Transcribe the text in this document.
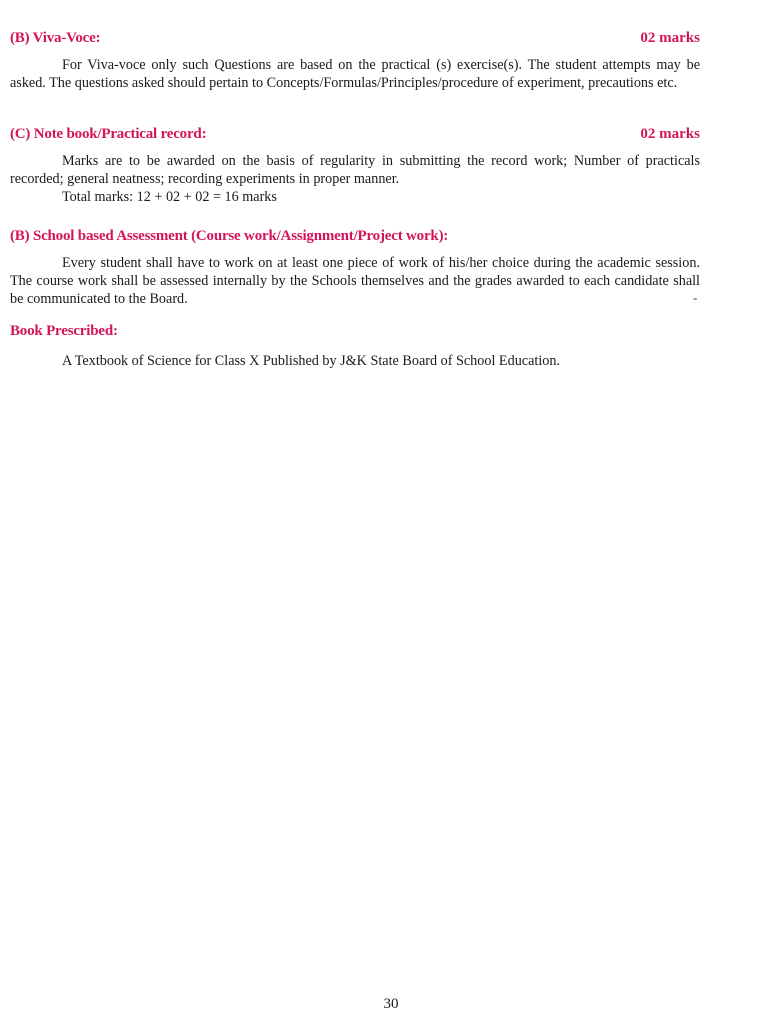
(B) Viva-Voce:	02 marks

For Viva-voce only such Questions are based on the practical (s) exercise(s). The student attempts may be asked. The questions asked should pertain to Concepts/Formulas/Principles/procedure of experiment, precautions etc.

(C) Note book/Practical record:	02 marks

Marks are to be awarded on the basis of regularity in submitting the record work; Number of practicals recorded; general neatness; recording experiments in proper manner.

Total marks: 12 + 02 + 02 = 16 marks

(B) School based Assessment (Course work/Assignment/Project work):

Every student shall have to work on at least one piece of work of his/her choice during the academic session. The course work shall be assessed internally by the Schools themselves and the grades awarded to each candidate shall be communicated to the Board.	-
Book Prescribed:

A Textbook of Science for Class X Published by J&K State Board of School Education.

30
